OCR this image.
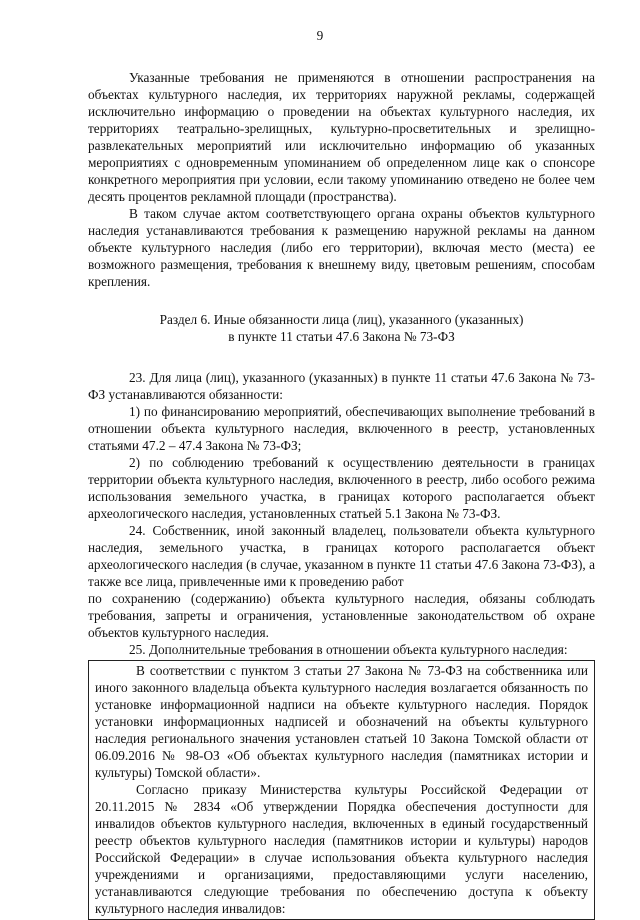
9

Указанные требования не применяются в отношении распространения на объектах культурного наследия, их территориях наружной рекламы, содержащей исключительно информацию о проведении на объектах культурного наследия, их территориях театрально-зрелищных, культурно-просветительных и зрелищно-развлекательных мероприятий или исключительно информацию об указанных мероприятиях с одновременным упоминанием об определенном лице как о спонсоре конкретного мероприятия при условии, если такому упоминанию отведено не более чем десять процентов рекламной площади (пространства).

В таком случае актом соответствующего органа охраны объектов культурного наследия устанавливаются требования к размещению наружной рекламы на данном объекте культурного наследия (либо его территории), включая место (места) ее возможного размещения, требования к внешнему виду, цветовым решениям, способам крепления.

Раздел 6. Иные обязанности лица (лиц), указанного (указанных)
в пункте 11 статьи 47.6 Закона № 73-ФЗ

23. Для лица (лиц), указанного (указанных) в пункте 11 статьи 47.6 Закона № 73-ФЗ устанавливаются обязанности:

1) по финансированию мероприятий, обеспечивающих выполнение требований в отношении объекта культурного наследия, включенного в реестр, установленных статьями 47.2 – 47.4 Закона № 73-ФЗ;

2) по соблюдению требований к осуществлению деятельности в границах территории объекта культурного наследия, включенного в реестр, либо особого режима использования земельного участка, в границах которого располагается объект археологического наследия, установленных статьей 5.1 Закона № 73-ФЗ.

24. Собственник, иной законный владелец, пользователи объекта культурного наследия, земельного участка, в границах которого располагается объект археологического наследия (в случае, указанном в пункте 11 статьи 47.6 Закона 73-ФЗ), а также все лица, привлеченные ими к проведению работ

по сохранению (содержанию) объекта культурного наследия, обязаны соблюдать требования, запреты и ограничения, установленные законодательством об охране объектов культурного наследия.

25. Дополнительные требования в отношении объекта культурного наследия:

В соответствии с пунктом 3 статьи 27 Закона № 73-ФЗ на собственника или иного законного владельца объекта культурного наследия возлагается обязанность по установке информационной надписи на объекте культурного наследия. Порядок установки информационных надписей и обозначений на объекты культурного наследия регионального значения установлен статьей 10 Закона Томской области от 06.09.2016 № 98-ОЗ «Об объектах культурного наследия (памятниках истории и культуры) Томской области».

Согласно приказу Министерства культуры Российской Федерации от 20.11.2015 № 2834 «Об утверждении Порядка обеспечения доступности для инвалидов объектов культурного наследия, включенных в единый государственный реестр объектов культурного наследия (памятников истории и культуры) народов Российской Федерации» в случае использования объекта культурного наследия учреждениями и организациями, предоставляющими услуги населению, устанавливаются следующие требования по обеспечению доступа к объекту культурного наследия инвалидов:
